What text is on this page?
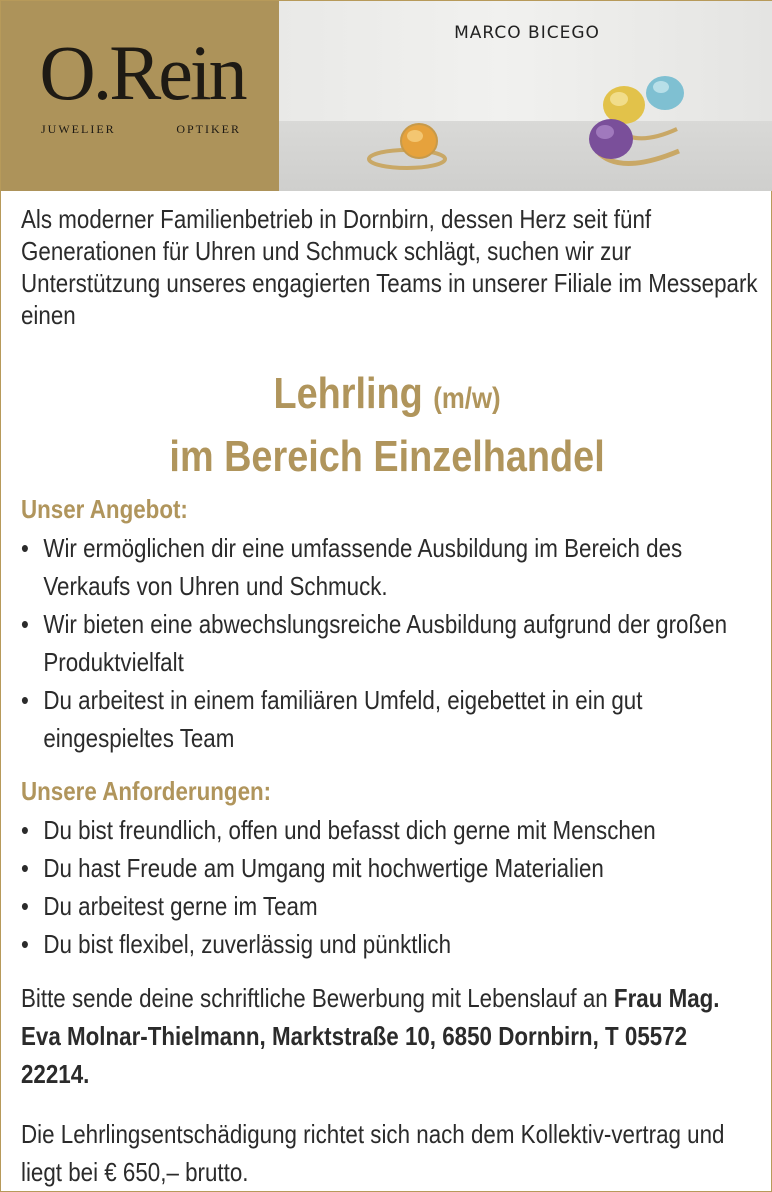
O.Rein
JUWELIER	OPTIKER
MARCO BICEGO
Als moderner Familienbetrieb in Dornbirn, dessen Herz seit fünf Generationen für Uhren und Schmuck schlägt, suchen wir zur Unterstützung unseres engagierten Teams in unserer Filiale im Messepark einen
Lehrling (m/w)
im Bereich Einzelhandel
Unser Angebot:
• Wir ermöglichen dir eine umfassende Ausbildung im Bereich des Verkaufs von Uhren und Schmuck.
• Wir bieten eine abwechslungsreiche Ausbildung aufgrund der großen Produktvielfalt
• Du arbeitest in einem familiären Umfeld, eigebettet in ein gut eingespieltes Team
Unsere Anforderungen:
• Du bist freundlich, offen und befasst dich gerne mit Menschen
• Du hast Freude am Umgang mit hochwertige Materialien
• Du arbeitest gerne im Team
• Du bist flexibel, zuverlässig und pünktlich
Bitte sende deine schriftliche Bewerbung mit Lebenslauf an Frau Mag. Eva Molnar-Thielmann, Marktstraße 10, 6850 Dornbirn, T 05572 22214.
Die Lehrlingsentschädigung richtet sich nach dem Kollektiv-vertrag und liegt bei € 650,– brutto.
